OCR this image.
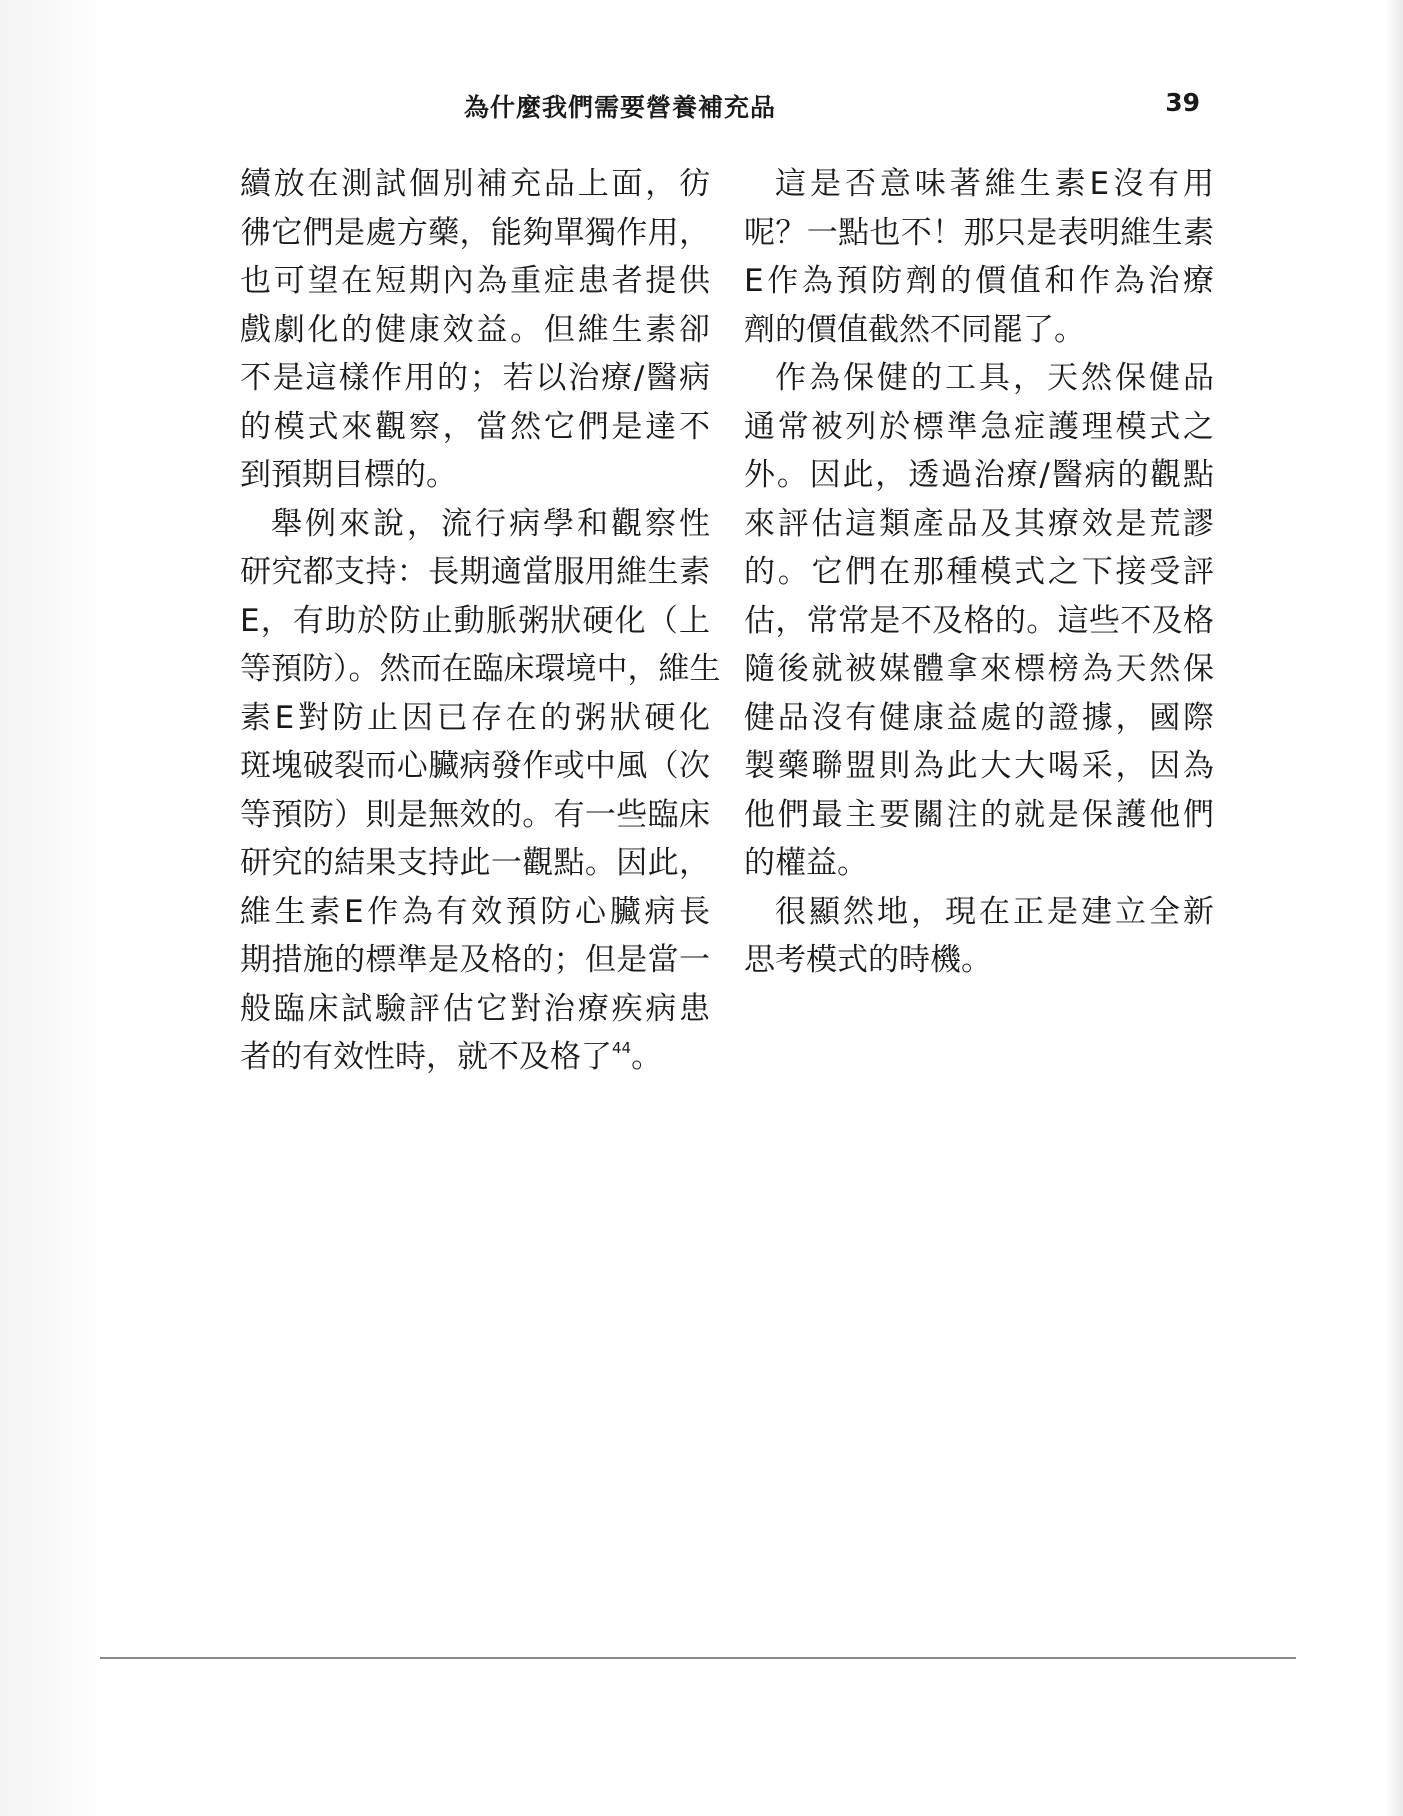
為什麼我們需要營養補充品	39
續放在測試個別補充品上面，彷
彿它們是處方藥，能夠單獨作用，
也可望在短期內為重症患者提供
戲劇化的健康效益。但維生素卻
不是這樣作用的；若以治療/醫病
的模式來觀察，當然它們是達不
到預期目標的。
舉例來說，流行病學和觀察性
研究都支持：長期適當服用維生素
E，有助於防止動脈粥狀硬化（上
等預防）。然而在臨床環境中，維生
素E對防止因已存在的粥狀硬化
斑塊破裂而心臟病發作或中風（次
等預防）則是無效的。有一些臨床
研究的結果支持此一觀點。因此，
維生素E作為有效預防心臟病長
期措施的標準是及格的；但是當一
般臨床試驗評估它對治療疾病患
者的有效性時，就不及格了$^{44}$。
這是否意味著維生素E沒有用
呢？一點也不！那只是表明維生素
E作為預防劑的價值和作為治療
劑的價值截然不同罷了。
作為保健的工具，天然保健品
通常被列於標準急症護理模式之
外。因此，透過治療/醫病的觀點
來評估這類產品及其療效是荒謬
的。它們在那種模式之下接受評
估，常常是不及格的。這些不及格
隨後就被媒體拿來標榜為天然保
健品沒有健康益處的證據，國際
製藥聯盟則為此大大喝采，因為
他們最主要關注的就是保護他們
的權益。
很顯然地，現在正是建立全新
思考模式的時機。
